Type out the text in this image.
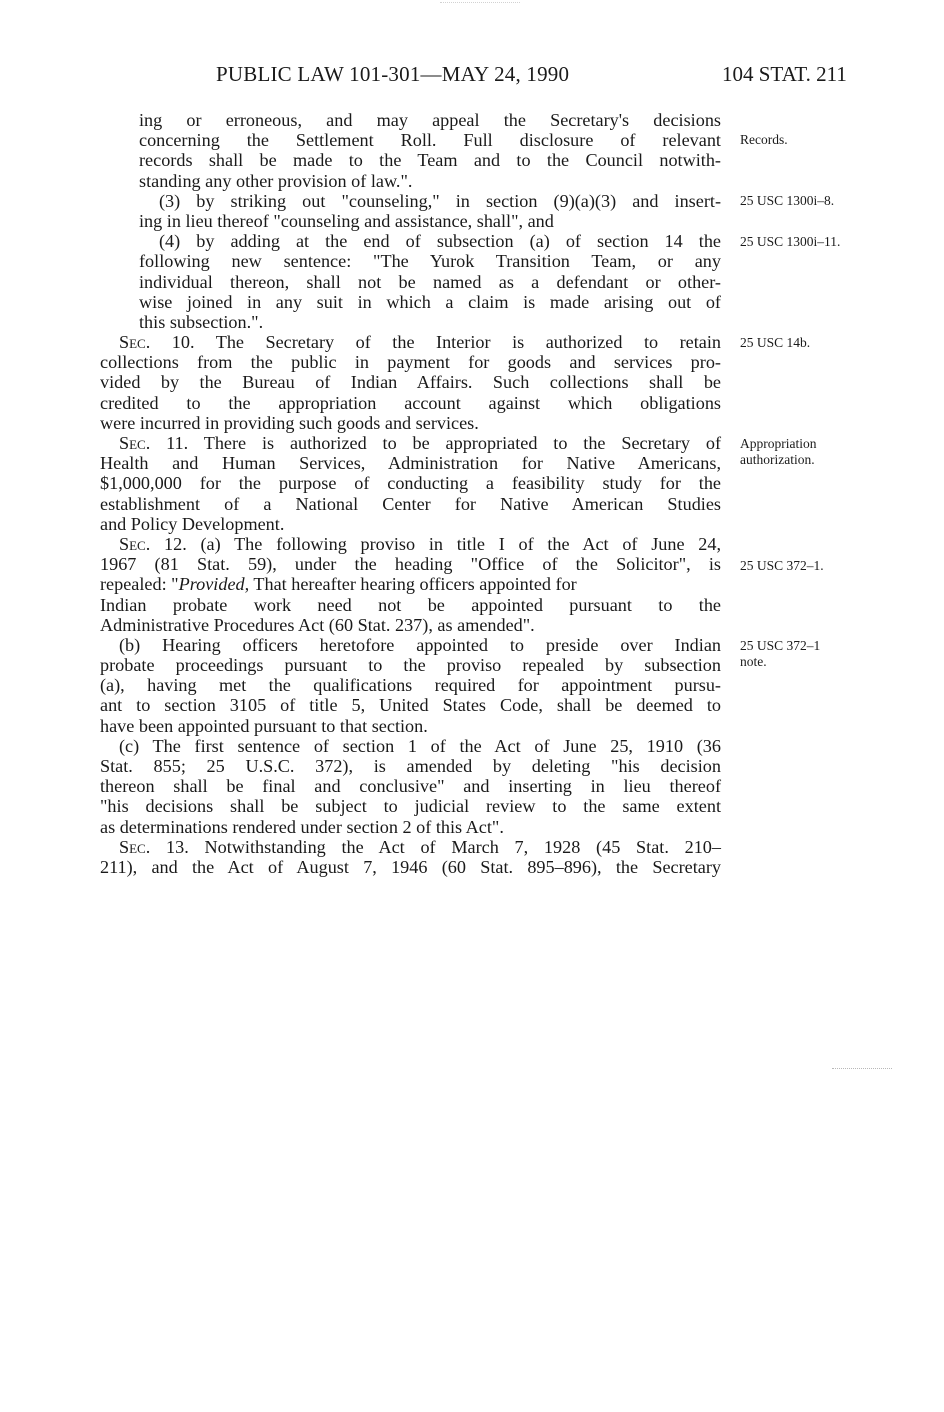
PUBLIC LAW 101-301—MAY 24, 1990	104 STAT. 211
ing or erroneous, and may appeal the Secretary's decisions
concerning the Settlement Roll. Full disclosure of relevant
records shall be made to the Team and to the Council notwith-
standing any other provision of law.".
(3) by striking out "counseling," in section (9)(a)(3) and insert-
ing in lieu thereof "counseling and assistance, shall", and
(4) by adding at the end of subsection (a) of section 14 the
following new sentence: "The Yurok Transition Team, or any
individual thereon, shall not be named as a defendant or other-
wise joined in any suit in which a claim is made arising out of
this subsection.".
Sec. 10. The Secretary of the Interior is authorized to retain
collections from the public in payment for goods and services pro-
vided by the Bureau of Indian Affairs. Such collections shall be
credited to the appropriation account against which obligations
were incurred in providing such goods and services.
Sec. 11. There is authorized to be appropriated to the Secretary of
Health and Human Services, Administration for Native Americans,
$1,000,000 for the purpose of conducting a feasibility study for the
establishment of a National Center for Native American Studies
and Policy Development.
Sec. 12. (a) The following proviso in title I of the Act of June 24,
1967 (81 Stat. 59), under the heading "Office of the Solicitor", is
repealed: "Provided, That hereafter hearing officers appointed for
Indian probate work need not be appointed pursuant to the
Administrative Procedures Act (60 Stat. 237), as amended".
(b) Hearing officers heretofore appointed to preside over Indian
probate proceedings pursuant to the proviso repealed by subsection
(a), having met the qualifications required for appointment pursu-
ant to section 3105 of title 5, United States Code, shall be deemed to
have been appointed pursuant to that section.
(c) The first sentence of section 1 of the Act of June 25, 1910 (36
Stat. 855; 25 U.S.C. 372), is amended by deleting "his decision
thereon shall be final and conclusive" and inserting in lieu thereof
"his decisions shall be subject to judicial review to the same extent
as determinations rendered under section 2 of this Act".
Sec. 13. Notwithstanding the Act of March 7, 1928 (45 Stat. 210–
211), and the Act of August 7, 1946 (60 Stat. 895–896), the Secretary
Records.
25 USC 1300i–8.
25 USC 1300i–11.
25 USC 14b.
Appropriation
authorization.
25 USC 372–1.
25 USC 372–1
note.
